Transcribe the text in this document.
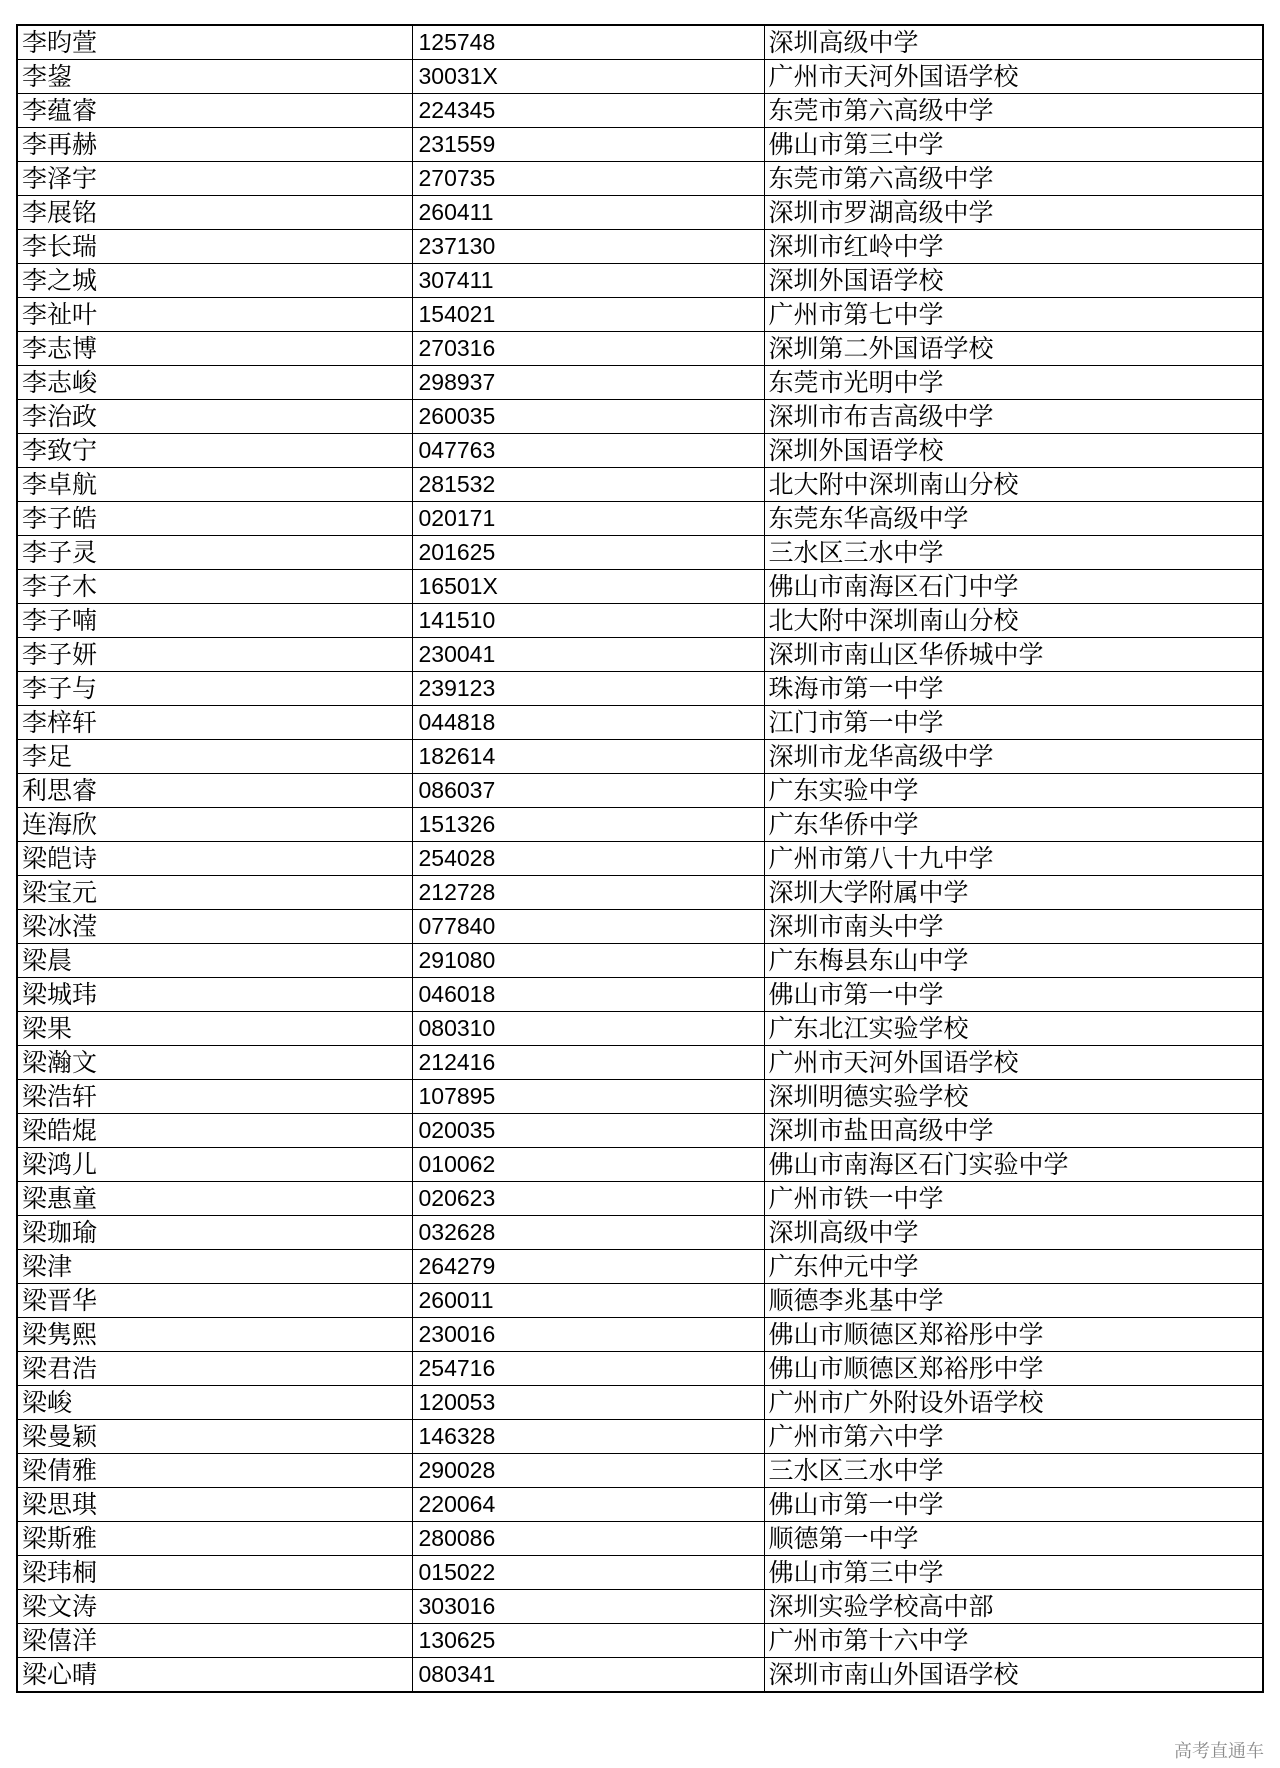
李昀萱	125748	深圳高级中学
李鋆	30031X	广州市天河外国语学校
李蕴睿	224345	东莞市第六高级中学
李再赫	231559	佛山市第三中学
李泽宇	270735	东莞市第六高级中学
李展铭	260411	深圳市罗湖高级中学
李长瑞	237130	深圳市红岭中学
李之城	307411	深圳外国语学校
李祉叶	154021	广州市第七中学
李志博	270316	深圳第二外国语学校
李志峻	298937	东莞市光明中学
李治政	260035	深圳市布吉高级中学
李致宁	047763	深圳外国语学校
李卓航	281532	北大附中深圳南山分校
李子皓	020171	东莞东华高级中学
李子灵	201625	三水区三水中学
李子木	16501X	佛山市南海区石门中学
李子喃	141510	北大附中深圳南山分校
李子妍	230041	深圳市南山区华侨城中学
李子与	239123	珠海市第一中学
李梓轩	044818	江门市第一中学
李足	182614	深圳市龙华高级中学
利思睿	086037	广东实验中学
连海欣	151326	广东华侨中学
梁皑诗	254028	广州市第八十九中学
梁宝元	212728	深圳大学附属中学
梁冰滢	077840	深圳市南头中学
梁晨	291080	广东梅县东山中学
梁城玮	046018	佛山市第一中学
梁果	080310	广东北江实验学校
梁瀚文	212416	广州市天河外国语学校
梁浩轩	107895	深圳明德实验学校
梁皓焜	020035	深圳市盐田高级中学
梁鸿儿	010062	佛山市南海区石门实验中学
梁惠童	020623	广州市铁一中学
梁珈瑜	032628	深圳高级中学
梁津	264279	广东仲元中学
梁晋华	260011	顺德李兆基中学
梁隽熙	230016	佛山市顺德区郑裕彤中学
梁君浩	254716	佛山市顺德区郑裕彤中学
梁峻	120053	广州市广外附设外语学校
梁曼颖	146328	广州市第六中学
梁倩雅	290028	三水区三水中学
梁思琪	220064	佛山市第一中学
梁斯雅	280086	顺德第一中学
梁玮桐	015022	佛山市第三中学
梁文涛	303016	深圳实验学校高中部
梁僖洋	130625	广州市第十六中学
梁心晴	080341	深圳市南山外国语学校
高考直通车
